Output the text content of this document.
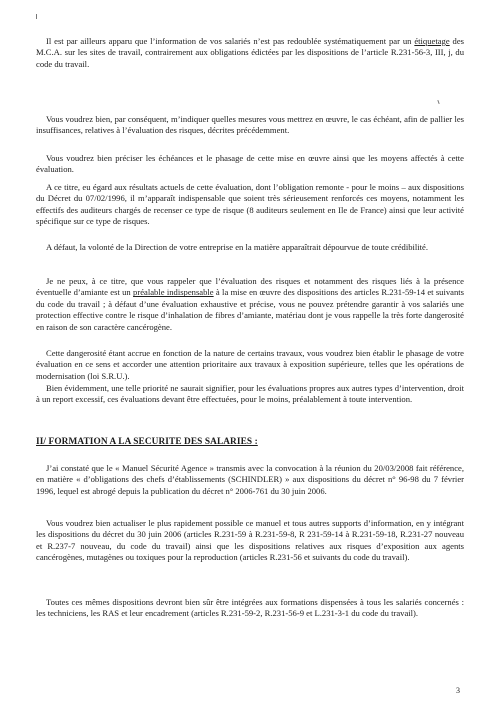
Il est par ailleurs apparu que l’information de vos salariés n’est pas redoublée systématiquement par un étiquetage des M.C.A. sur les sites de travail, contrairement aux obligations édictées par les dispositions de l’article R.231-56-3, III, j, du code du travail.

Vous voudrez bien, par conséquent, m’indiquer quelles mesures vous mettrez en œuvre, le cas échéant, afin de pallier les insuffisances, relatives à l’évaluation des risques, décrites précédemment.

Vous voudrez bien préciser les échéances et le phasage de cette mise en œuvre ainsi que les moyens affectés à cette évaluation.

A ce titre, eu égard aux résultats actuels de cette évaluation, dont l’obligation remonte - pour le moins – aux dispositions du Décret du 07/02/1996, il m’apparaît indispensable que soient très sérieusement renforcés ces moyens, notamment les effectifs des auditeurs chargés de recenser ce type de risque (8 auditeurs seulement en Ile de France) ainsi que leur activité spécifique sur ce type de risques.

A défaut, la volonté de la Direction de votre entreprise en la matière apparaîtrait dépourvue de toute crédibilité.

Je ne peux, à ce titre, que vous rappeler que l’évaluation des risques et notamment des risques liés à la présence éventuelle d’amiante est un préalable indispensable à la mise en œuvre des dispositions des articles R.231-59-14 et suivants du code du travail ; à défaut d’une évaluation exhaustive et précise, vous ne pouvez prétendre garantir à vos salariés une protection effective contre le risque d’inhalation de fibres d’amiante, matériau dont je vous rappelle la très forte dangerosité en raison de son caractère cancérogène.

Cette dangerosité étant accrue en fonction de la nature de certains travaux, vous voudrez bien établir le phasage de votre évaluation en ce sens et accorder une attention prioritaire aux travaux à exposition supérieure, telles que les opérations de modernisation (loi S.R.U.).

Bien évidemment, une telle priorité ne saurait signifier, pour les évaluations propres aux autres types d’intervention, droit à un report excessif, ces évaluations devant être effectuées, pour le moins, préalablement à toute intervention.

II/ FORMATION A LA SECURITE DES SALARIES :

J’ai constaté que le « Manuel Sécurité Agence » transmis avec la convocation à la réunion du 20/03/2008 fait référence, en matière « d’obligations des chefs d’établissements (SCHINDLER) » aux dispositions du décret n° 96-98 du 7 février 1996, lequel est abrogé depuis la publication du décret n° 2006-761 du 30 juin 2006.

Vous voudrez bien actualiser le plus rapidement possible ce manuel et tous autres supports d’information, en y intégrant les dispositions du décret du 30 juin 2006 (articles R.231-59 à R.231-59-8, R 231-59-14 à R.231-59-18, R.231-27 nouveau et R.237-7 nouveau, du code du travail) ainsi que les dispositions relatives aux risques d’exposition aux agents cancérogènes, mutagènes ou toxiques pour la reproduction (articles R.231-56 et suivants du code du travail).

Toutes ces mêmes dispositions devront bien sûr être intégrées aux formations dispensées à tous les salariés concernés : les techniciens, les RAS et leur encadrement (articles R.231-59-2, R.231-56-9 et L.231-3-1 du code du travail).

3
